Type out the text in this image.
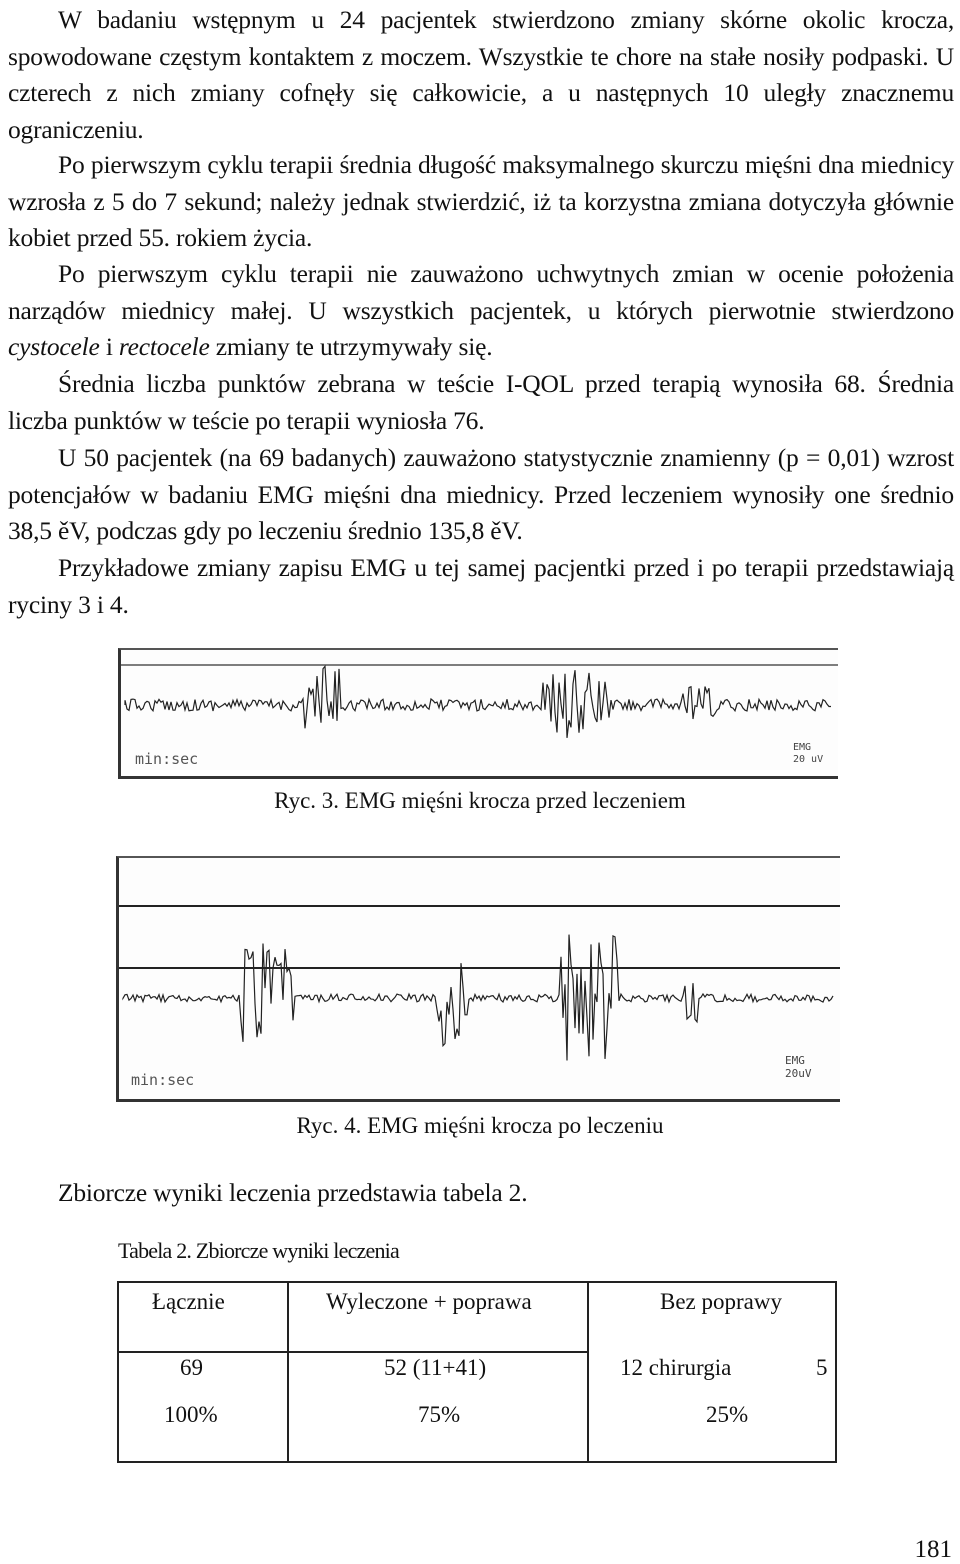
W badaniu wstępnym u 24 pacjentek stwierdzono zmiany skórne okolic krocza, spowodowane częstym kontaktem z moczem. Wszystkie te chore na stałe nosiły podpaski. U czterech z nich zmiany cofnęły się całkowicie, a u następnych 10 uległy znacznemu ograniczeniu.

Po pierwszym cyklu terapii średnia długość maksymalnego skurczu mięśni dna miednicy wzrosła z 5 do 7 sekund; należy jednak stwierdzić, iż ta korzystna zmiana dotyczyła głównie kobiet przed 55. rokiem życia.

Po pierwszym cyklu terapii nie zauważono uchwytnych zmian w ocenie położenia narządów miednicy małej. U wszystkich pacjentek, u których pierwotnie stwierdzono cystocele i rectocele zmiany te utrzymywały się.

Średnia liczba punktów zebrana w teście I-QOL przed terapią wynosiła 68. Średnia liczba punktów w teście po terapii wyniosła 76.

U 50 pacjentek (na 69 badanych) zauważono statystycznie znamienny (p = 0,01) wzrost potencjałów w badaniu EMG mięśni dna miednicy. Przed leczeniem wynosiły one średnio 38,5 ěV, podczas gdy po leczeniu średnio 135,8 ěV.

Przykładowe zmiany zapisu EMG u tej samej pacjentki przed i po terapii przedstawiają ryciny 3 i 4.

min:sec
EMG
20 uV
Ryc. 3. EMG mięśni krocza przed leczeniem
min:sec
EMG
20uV
Ryc. 4. EMG mięśni krocza po leczeniu
Zbiorcze wyniki leczenia przedstawia tabela 2.
Tabela 2. Zbiorcze wyniki leczenia

Łącznie	Wyleczone + poprawa	Bez poprawy
69	52 (11+41)	12 chirurgia	5
100%	75%	25%
181
